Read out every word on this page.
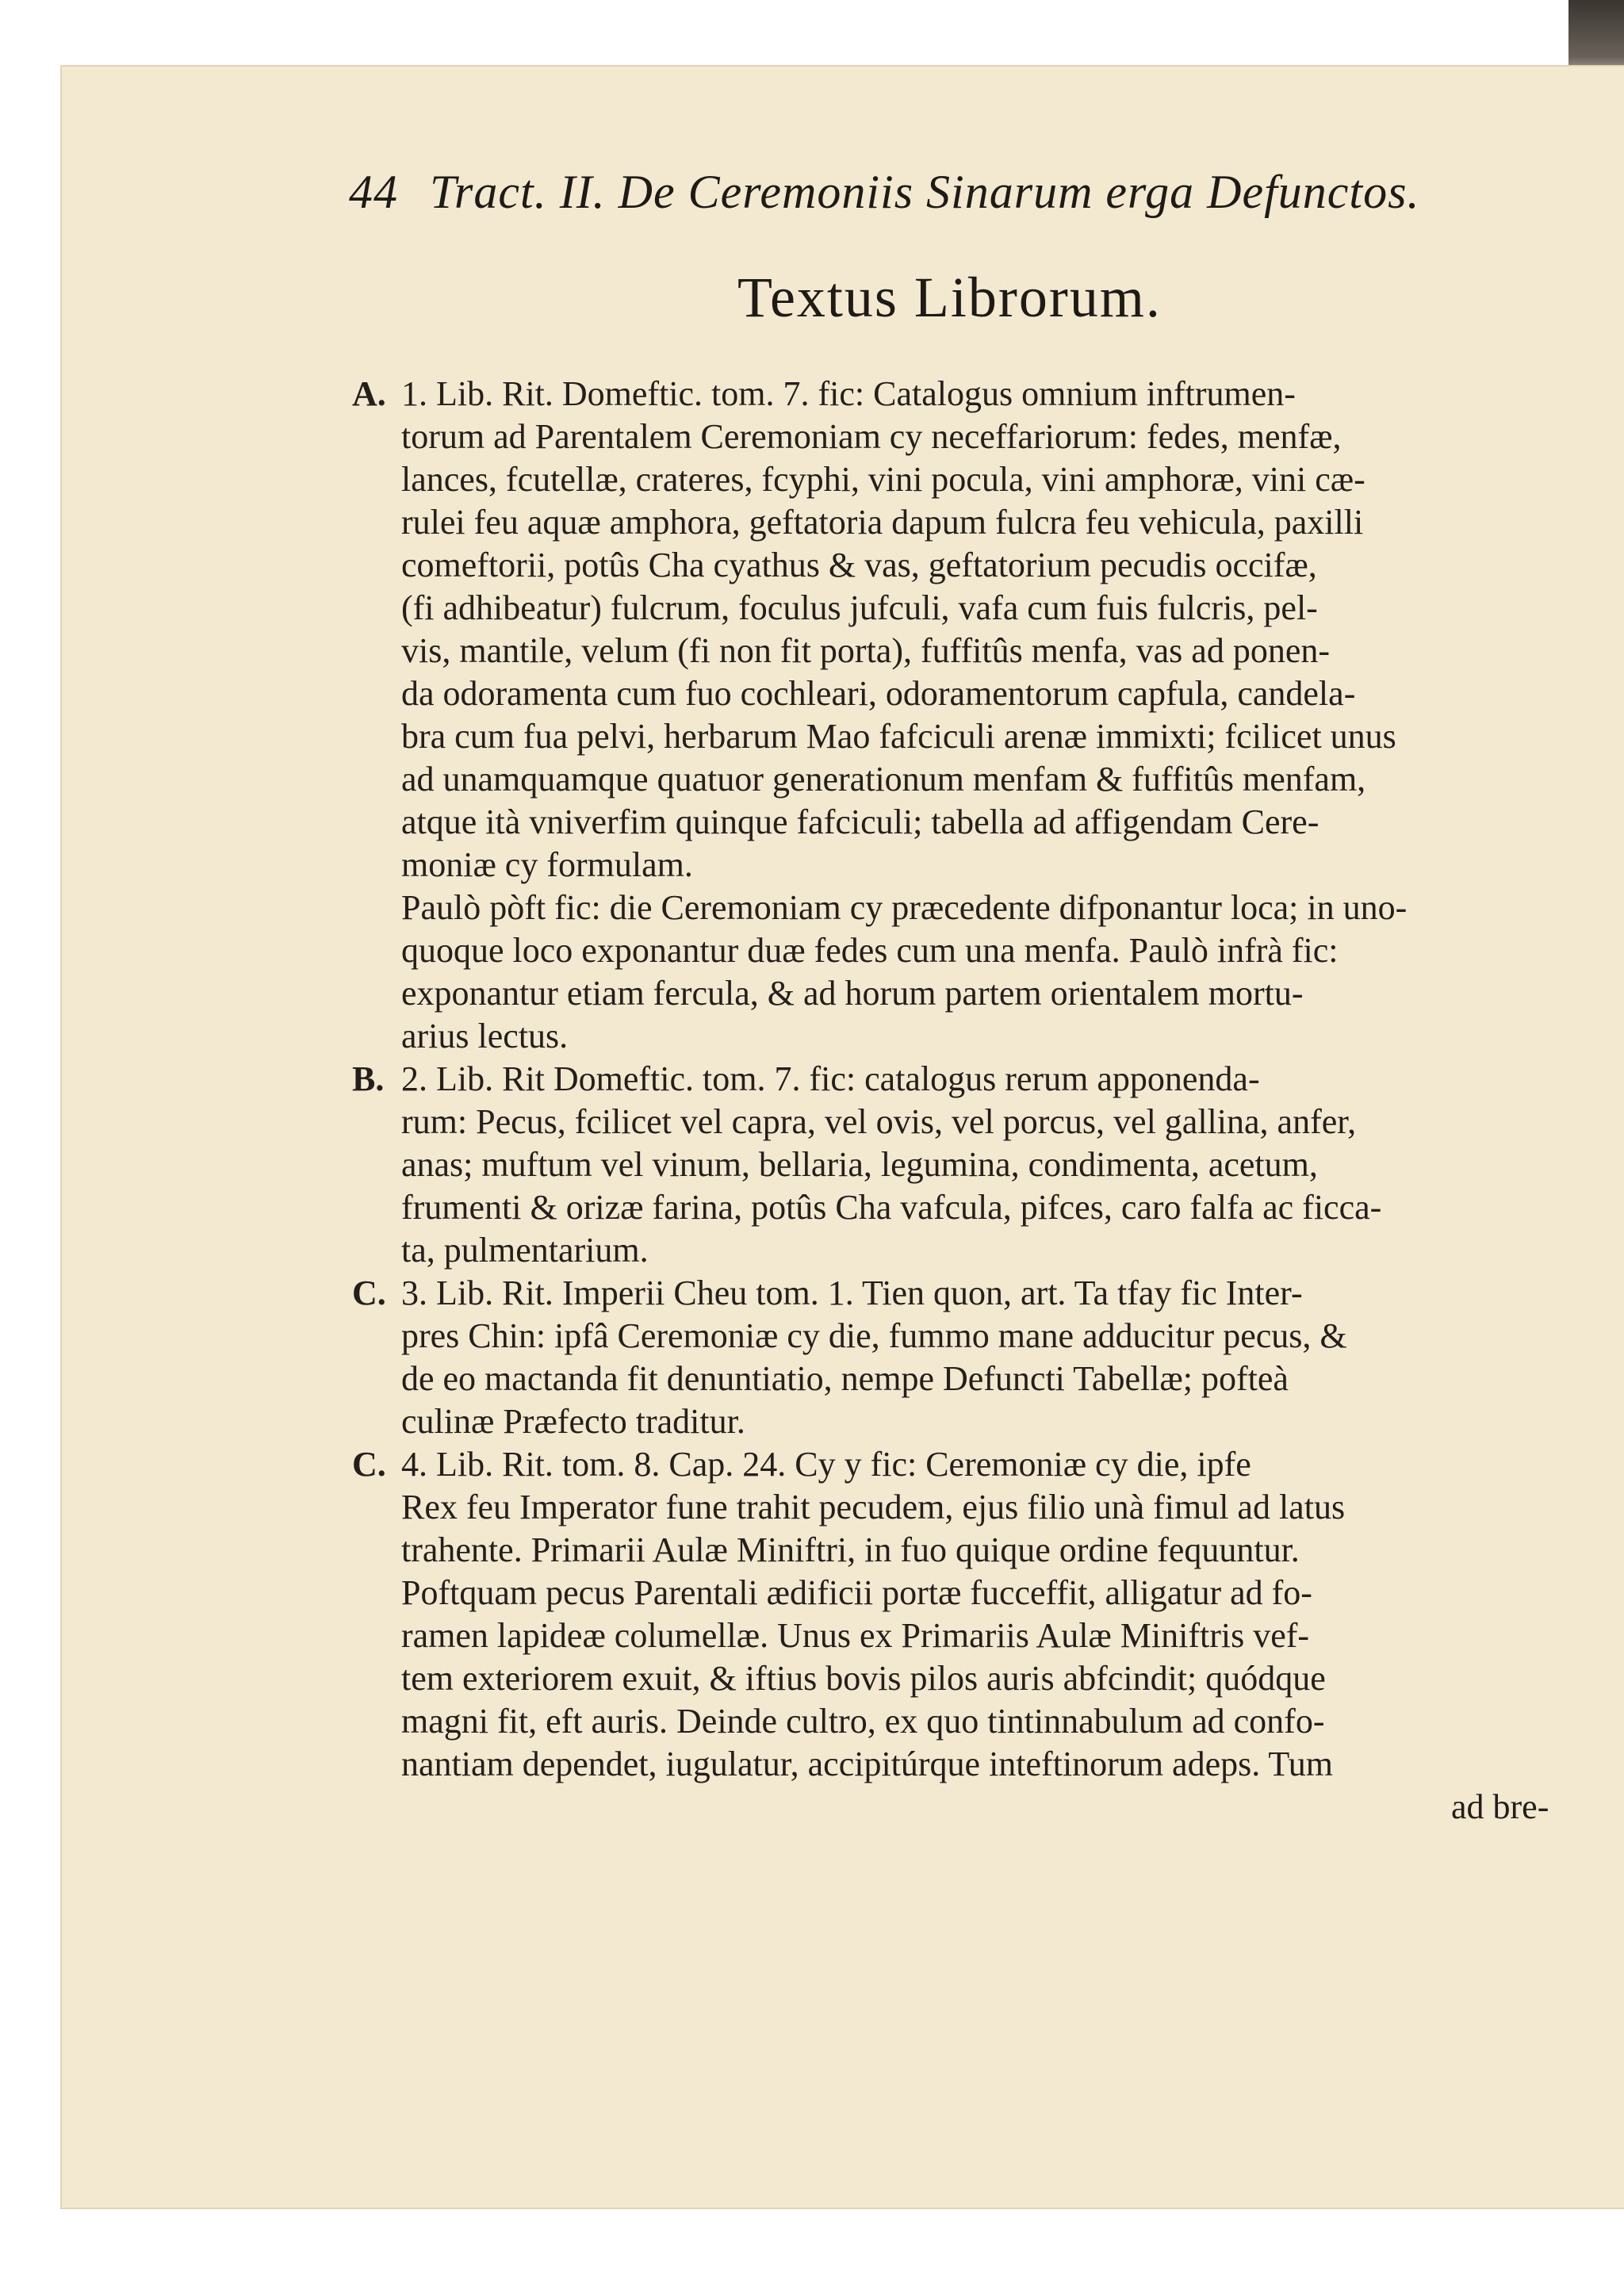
44 Tract. II. De Ceremoniis Sinarum erga Defunctos.
Textus Librorum.
A. 1. Lib. Rit. Domeftic. tom. 7. fic: Catalogus omnium inftrumen-
torum ad Parentalem Ceremoniam cy neceffariorum: fedes, menfæ,
lances, fcutellæ, crateres, fcyphi, vini pocula, vini amphoræ, vini cæ-
rulei feu aquæ amphora, geftatoria dapum fulcra feu vehicula, paxilli
comeftorii, potûs Cha cyathus & vas, geftatorium pecudis occifæ,
(fi adhibeatur) fulcrum, foculus jufculi, vafa cum fuis fulcris, pel-
vis, mantile, velum (fi non fit porta), fuffitûs menfa, vas ad ponen-
da odoramenta cum fuo cochleari, odoramentorum capfula, candela-
bra cum fua pelvi, herbarum Mao fafciculi arenæ immixti; fcilicet unus
ad unamquamque quatuor generationum menfam & fuffitûs menfam,
atque ità vniverfim quinque fafciculi; tabella ad affigendam Cere-
moniæ cy formulam.
Paulò pòft fic: die Ceremoniam cy præcedente difponantur loca; in uno-
quoque loco exponantur duæ fedes cum una menfa. Paulò infrà fic:
exponantur etiam fercula, & ad horum partem orientalem mortu-
arius lectus.
B. 2. Lib. Rit Domeftic. tom. 7. fic: catalogus rerum apponenda-
rum: Pecus, fcilicet vel capra, vel ovis, vel porcus, vel gallina, anfer,
anas; muftum vel vinum, bellaria, legumina, condimenta, acetum,
frumenti & orizæ farina, potûs Cha vafcula, pifces, caro falfa ac ficca-
ta, pulmentarium.
C. 3. Lib. Rit. Imperii Cheu tom. 1. Tien quon, art. Ta tfay fic Inter-
pres Chin: ipfâ Ceremoniæ cy die, fummo mane adducitur pecus, &
de eo mactanda fit denuntiatio, nempe Defuncti Tabellæ; pofteà
culinæ Præfecto traditur.
C. 4. Lib. Rit. tom. 8. Cap. 24. Cy y fic: Ceremoniæ cy die, ipfe
Rex feu Imperator fune trahit pecudem, ejus filio unà fimul ad latus
trahente. Primarii Aulæ Miniftri, in fuo quique ordine fequuntur.
Poftquam pecus Parentali ædificii portæ fucceffit, alligatur ad fo-
ramen lapideæ columellæ. Unus ex Primariis Aulæ Miniftris vef-
tem exteriorem exuit, & iftius bovis pilos auris abfcindit; quódque
magni fit, eft auris. Deinde cultro, ex quo tintinnabulum ad confo-
nantiam dependet, iugulatur, accipitúrque inteftinorum adeps. Tum
ad bre-
